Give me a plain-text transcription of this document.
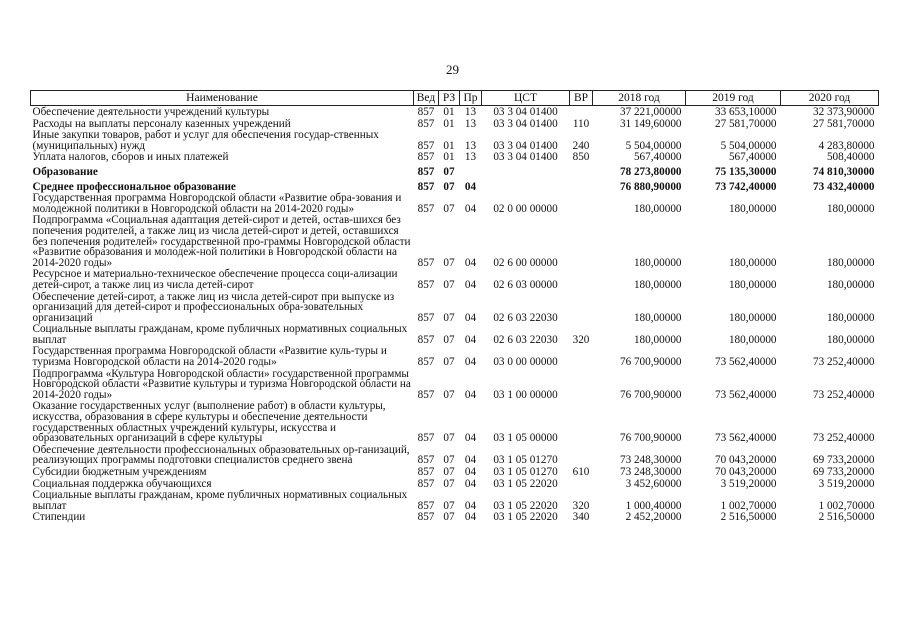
29
Наименование	Вед	РЗ	Пр	ЦСТ	ВР	2018 год	2019 год	2020 год
Обеспечение деятельности учреждений культуры	857	01	13	03 3 04 01400		37 221,00000	33 653,10000	32 373,90000
Расходы на выплаты персоналу казенных учреждений	857	01	13	03 3 04 01400	110	31 149,60000	27 581,70000	27 581,70000
Иные закупки товаров, работ и услуг для обеспечения государ-ственных (муниципальных) нужд	857	01	13	03 3 04 01400	240	5 504,00000	5 504,00000	4 283,80000
Уплата налогов, сборов и иных платежей	857	01	13	03 3 04 01400	850	567,40000	567,40000	508,40000
Образование	857	07				78 273,80000	75 135,30000	74 810,30000
Среднее профессиональное образование	857	07	04			76 880,90000	73 742,40000	73 432,40000
Государственная программа Новгородской области «Развитие обра-зования и молодежной политики в Новгородской области на 2014-2020 годы»	857	07	04	02 0 00 00000		180,00000	180,00000	180,00000
Подпрограмма «Социальная адаптация детей-сирот и детей, остав-шихся без попечения родителей, а также лиц из числа детей-сирот и детей, оставшихся без попечения родителей» государственной про-граммы Новгородской области «Развитие образования и молодеж-ной политики в Новгородской области на 2014-2020 годы»	857	07	04	02 6 00 00000		180,00000	180,00000	180,00000
Ресурсное и материально-техническое обеспечение процесса соци-ализации детей-сирот, а также лиц из числа детей-сирот	857	07	04	02 6 03 00000		180,00000	180,00000	180,00000
Обеспечение детей-сирот, а также лиц из числа детей-сирот при выпуске из организаций для детей-сирот и профессиональных обра-зовательных организаций	857	07	04	02 6 03 22030		180,00000	180,00000	180,00000
Социальные выплаты гражданам, кроме публичных нормативных социальных выплат	857	07	04	02 6 03 22030	320	180,00000	180,00000	180,00000
Государственная программа Новгородской области «Развитие куль-туры и туризма Новгородской области на 2014-2020 годы»	857	07	04	03 0 00 00000		76 700,90000	73 562,40000	73 252,40000
Подпрограмма «Культура Новгородской области» государственной программы Новгородской области «Развитие культуры и туризма Новгородской области на 2014-2020 годы»	857	07	04	03 1 00 00000		76 700,90000	73 562,40000	73 252,40000
Оказание государственных услуг (выполнение работ) в области культуры, искусства, образования в сфере культуры и обеспечение деятельности государственных областных учреждений культуры, искусства и образовательных организаций в сфере культуры	857	07	04	03 1 05 00000		76 700,90000	73 562,40000	73 252,40000
Обеспечение деятельности профессиональных образовательных ор-ганизаций, реализующих программы подготовки специалистов среднего звена	857	07	04	03 1 05 01270		73 248,30000	70 043,20000	69 733,20000
Субсидии бюджетным учреждениям	857	07	04	03 1 05 01270	610	73 248,30000	70 043,20000	69 733,20000
Социальная поддержка обучающихся	857	07	04	03 1 05 22020		3 452,60000	3 519,20000	3 519,20000
Социальные выплаты гражданам, кроме публичных нормативных социальных выплат	857	07	04	03 1 05 22020	320	1 000,40000	1 002,70000	1 002,70000
Стипендии	857	07	04	03 1 05 22020	340	2 452,20000	2 516,50000	2 516,50000
